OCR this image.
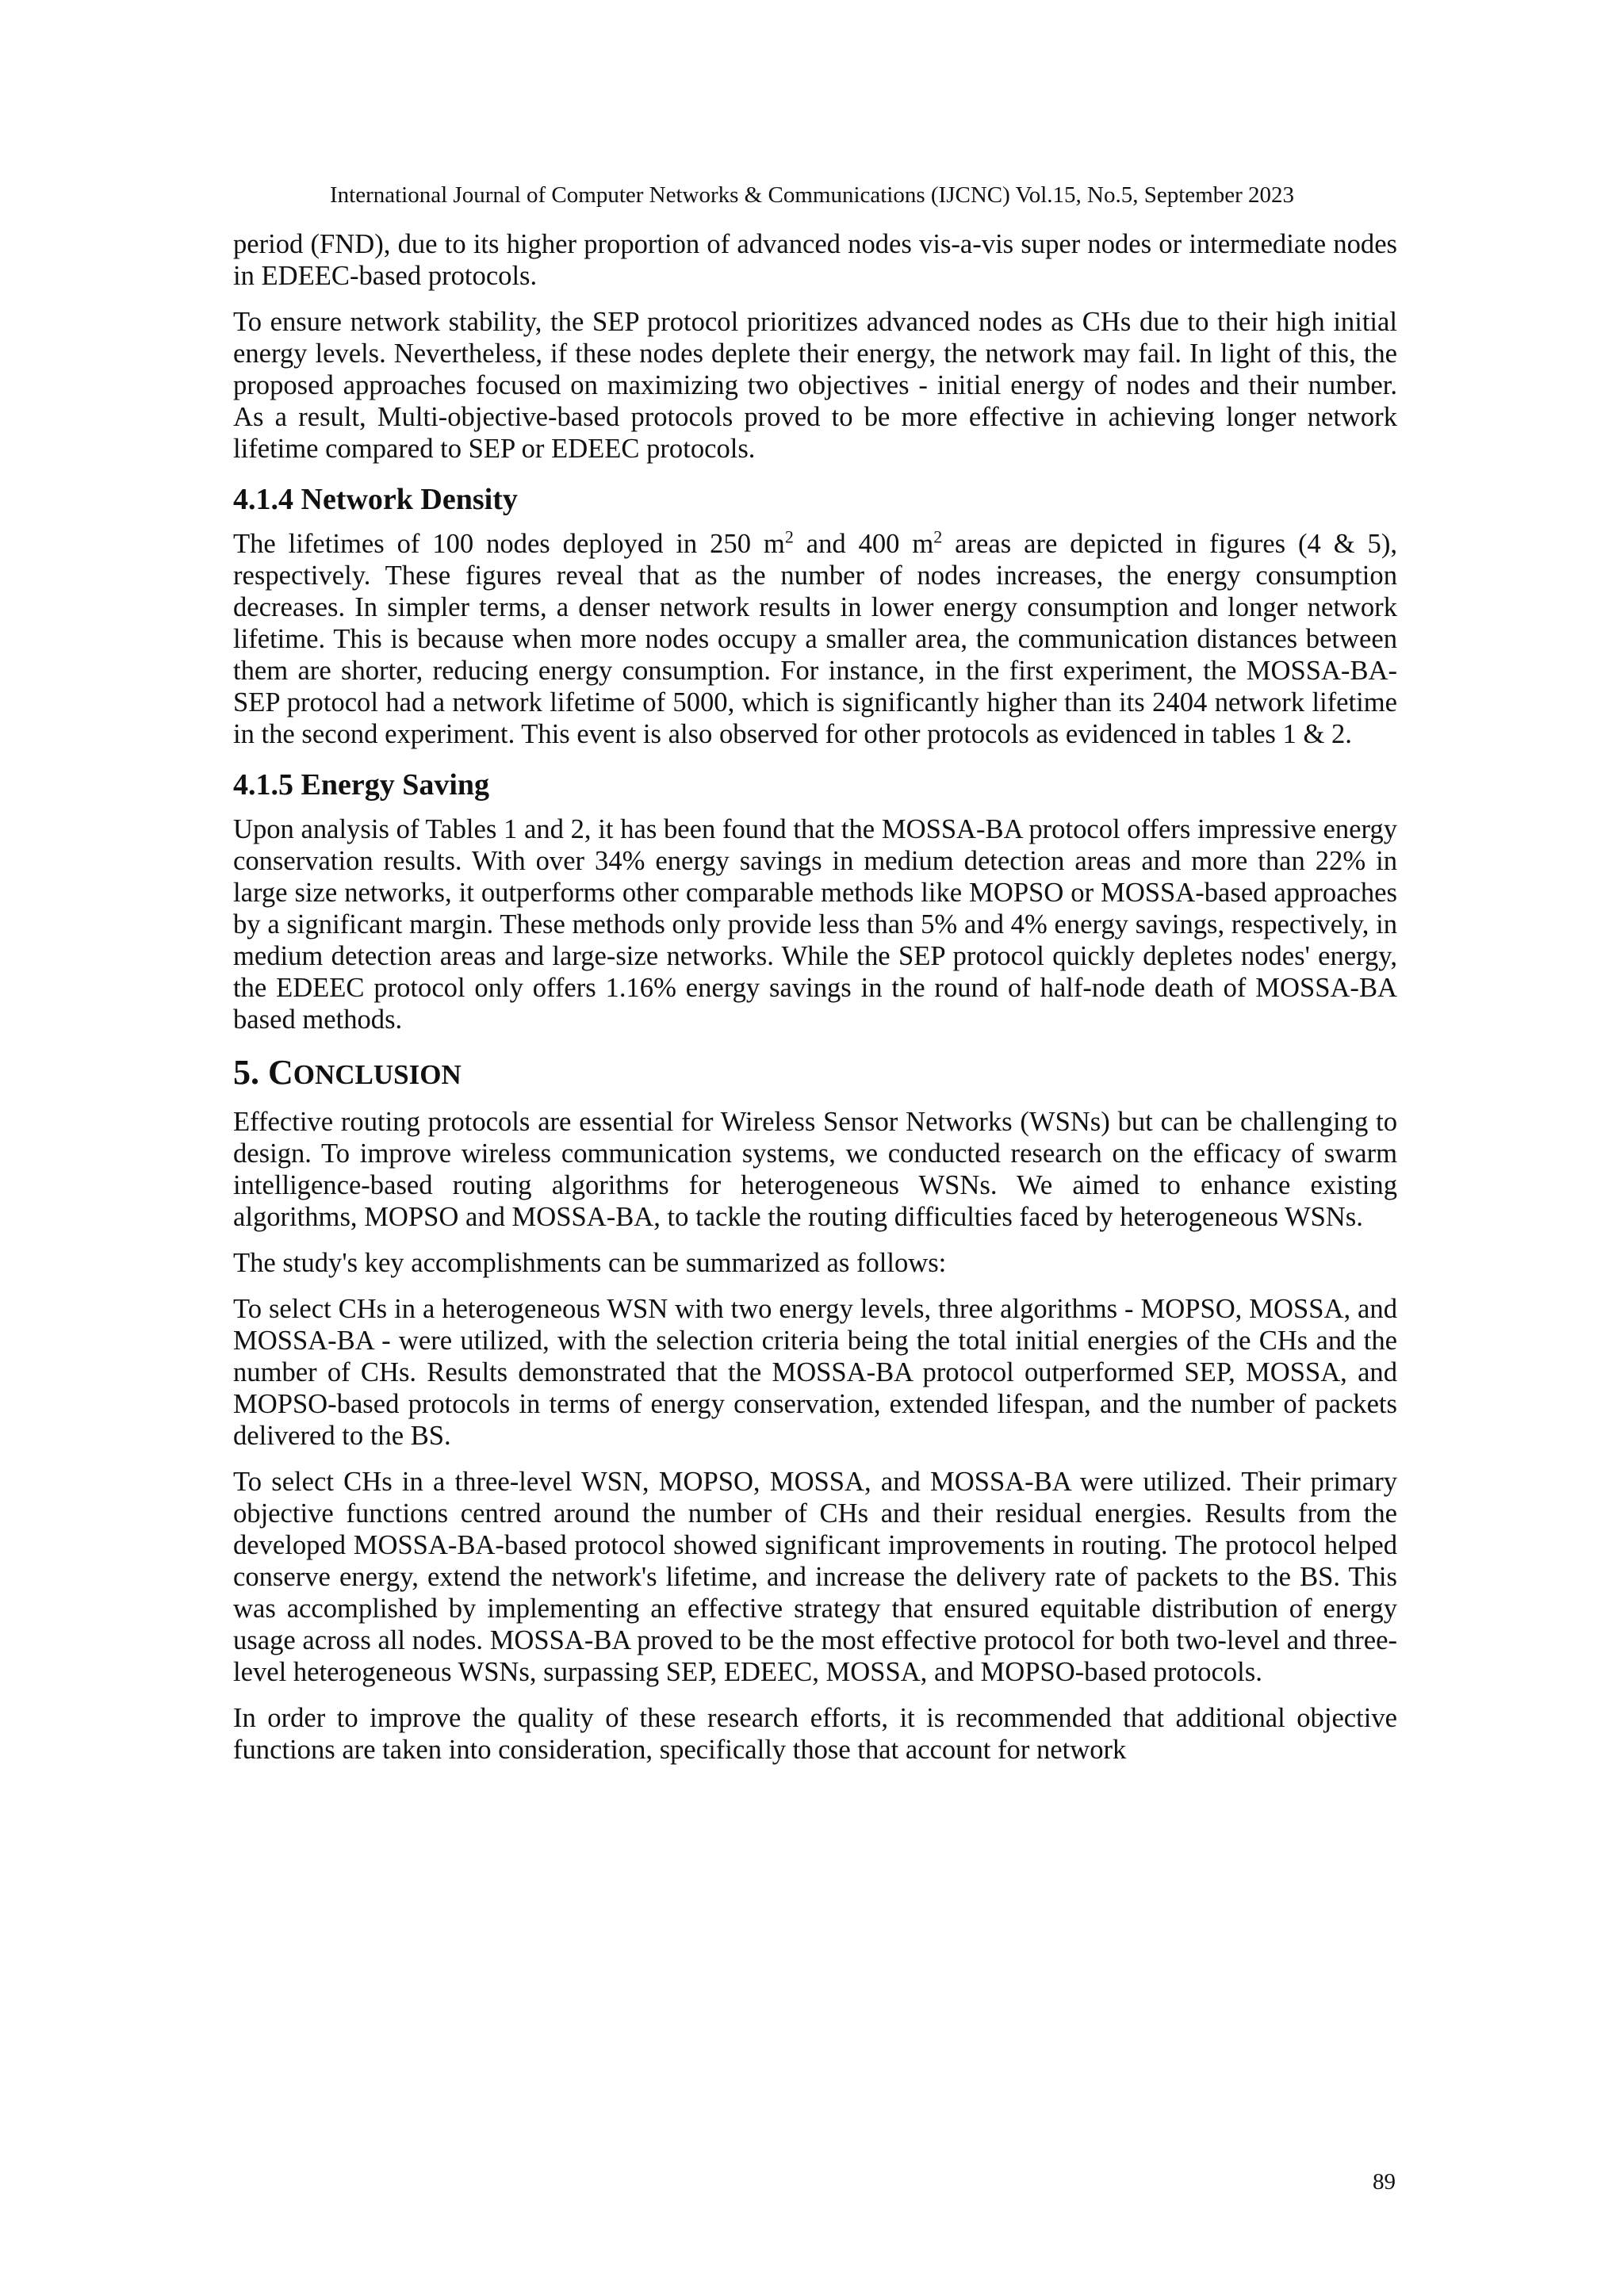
International Journal of Computer Networks & Communications (IJCNC) Vol.15, No.5, September 2023

period (FND), due to its higher proportion of advanced nodes vis-a-vis super nodes or intermediate nodes in EDEEC-based protocols.

To ensure network stability, the SEP protocol prioritizes advanced nodes as CHs due to their high initial energy levels. Nevertheless, if these nodes deplete their energy, the network may fail. In light of this, the proposed approaches focused on maximizing two objectives - initial energy of nodes and their number. As a result, Multi-objective-based protocols proved to be more effective in achieving longer network lifetime compared to SEP or EDEEC protocols.

4.1.4 Network Density

The lifetimes of 100 nodes deployed in 250 $m^2$ and 400 $m^2$ areas are depicted in figures (4 & 5), respectively. These figures reveal that as the number of nodes increases, the energy consumption decreases. In simpler terms, a denser network results in lower energy consumption and longer network lifetime. This is because when more nodes occupy a smaller area, the communication distances between them are shorter, reducing energy consumption. For instance, in the first experiment, the MOSSA-BA-SEP protocol had a network lifetime of 5000, which is significantly higher than its 2404 network lifetime in the second experiment. This event is also observed for other protocols as evidenced in tables 1 & 2.

4.1.5 Energy Saving

Upon analysis of Tables 1 and 2, it has been found that the MOSSA-BA protocol offers impressive energy conservation results. With over 34% energy savings in medium detection areas and more than 22% in large size networks, it outperforms other comparable methods like MOPSO or MOSSA-based approaches by a significant margin. These methods only provide less than 5% and 4% energy savings, respectively, in medium detection areas and large-size networks. While the SEP protocol quickly depletes nodes' energy, the EDEEC protocol only offers 1.16% energy savings in the round of half-node death of MOSSA-BA based methods.

5. CONCLUSION

Effective routing protocols are essential for Wireless Sensor Networks (WSNs) but can be challenging to design. To improve wireless communication systems, we conducted research on the efficacy of swarm intelligence-based routing algorithms for heterogeneous WSNs. We aimed to enhance existing algorithms, MOPSO and MOSSA-BA, to tackle the routing difficulties faced by heterogeneous WSNs.

The study's key accomplishments can be summarized as follows:

To select CHs in a heterogeneous WSN with two energy levels, three algorithms - MOPSO, MOSSA, and MOSSA-BA - were utilized, with the selection criteria being the total initial energies of the CHs and the number of CHs. Results demonstrated that the MOSSA-BA protocol outperformed SEP, MOSSA, and MOPSO-based protocols in terms of energy conservation, extended lifespan, and the number of packets delivered to the BS.

To select CHs in a three-level WSN, MOPSO, MOSSA, and MOSSA-BA were utilized. Their primary objective functions centred around the number of CHs and their residual energies. Results from the developed MOSSA-BA-based protocol showed significant improvements in routing. The protocol helped conserve energy, extend the network's lifetime, and increase the delivery rate of packets to the BS. This was accomplished by implementing an effective strategy that ensured equitable distribution of energy usage across all nodes. MOSSA-BA proved to be the most effective protocol for both two-level and three-level heterogeneous WSNs, surpassing SEP, EDEEC, MOSSA, and MOPSO-based protocols.

In order to improve the quality of these research efforts, it is recommended that additional objective functions are taken into consideration, specifically those that account for network

89
